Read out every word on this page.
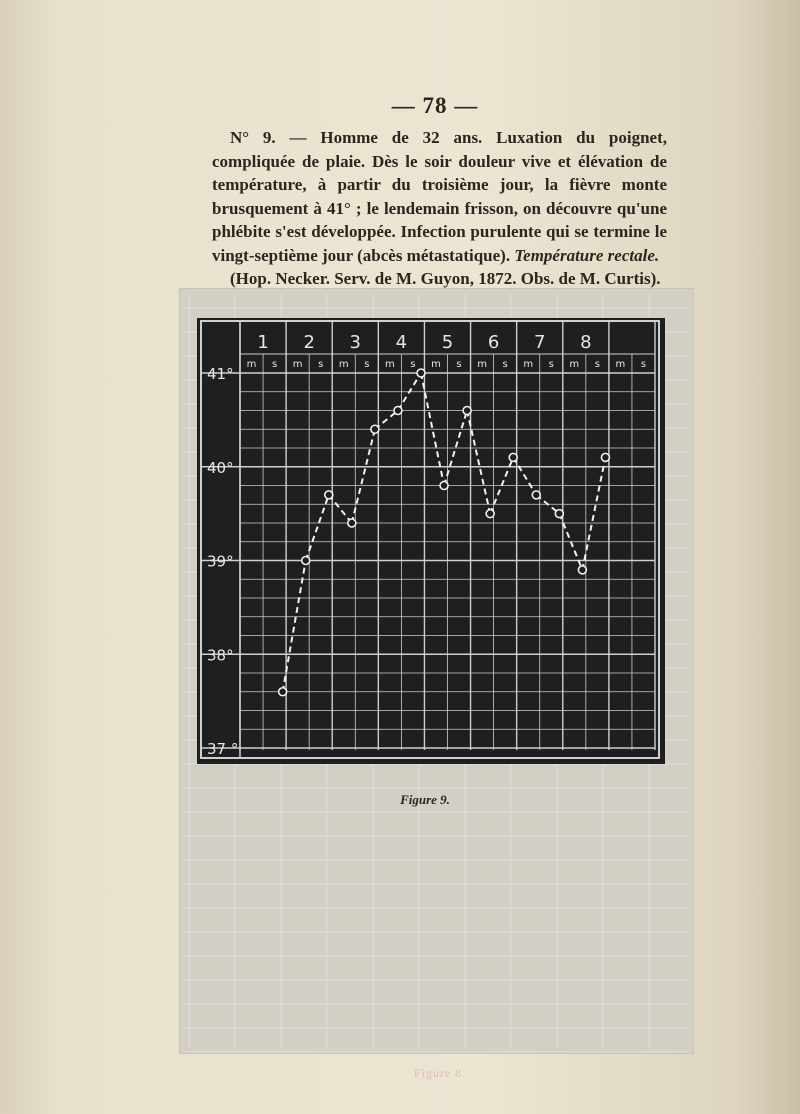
— 78 —

N° 9. — Homme de 32 ans. Luxation du poignet, compliquée de plaie. Dès le soir douleur vive et élévation de température, à partir du troisième jour, la fièvre monte brusquement à 41° ; le lendemain frisson, on découvre qu'une phlébite s'est développée. Infection purulente qui se termine le vingt-septième jour (abcès métastatique). Température rectale.

(Hop. Necker. Serv. de M. Guyon, 1872. Obs. de M. Curtis).
1
m s
2
m s
3
m s
4
m s
5
m s
6
m s
7
m s
8
m s m s
41°
40°
39°
38°
37 °
Figure 9.
Figure 8.
